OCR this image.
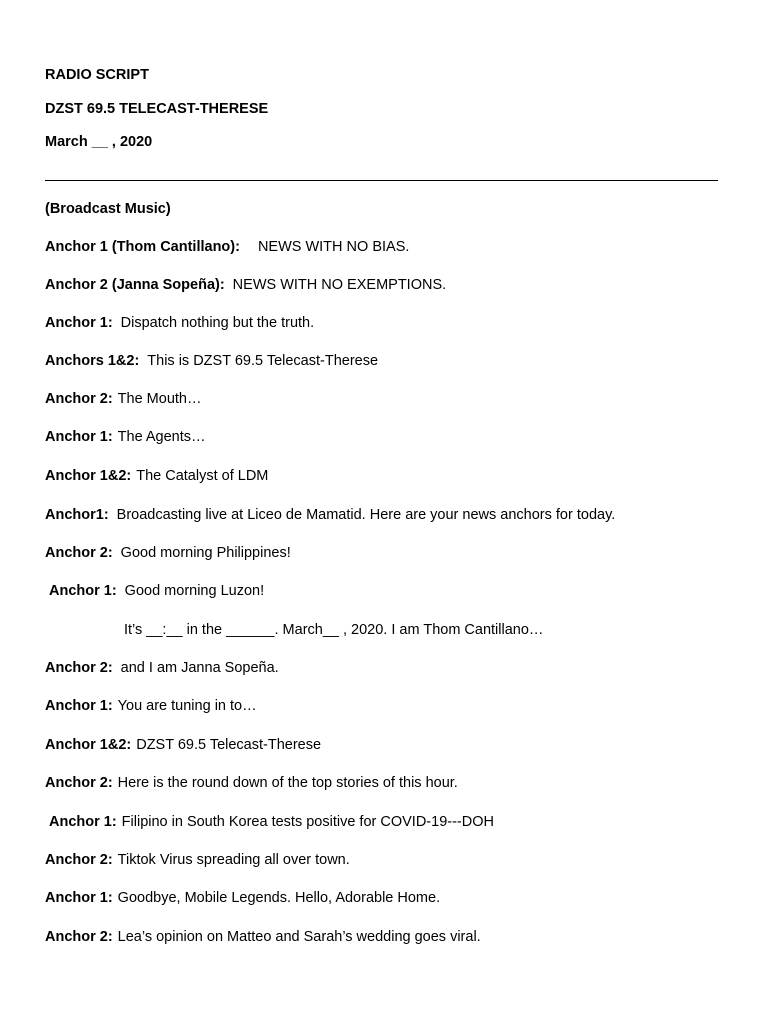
RADIO SCRIPT
DZST 69.5 TELECAST-THERESE
March __ , 2020
(Broadcast Music)
Anchor 1 (Thom Cantillano): NEWS WITH NO BIAS.
Anchor 2 (Janna Sopeña): NEWS WITH NO EXEMPTIONS.
Anchor 1: Dispatch nothing but the truth.
Anchors 1&2: This is DZST 69.5 Telecast-Therese
Anchor 2: The Mouth…
Anchor 1: The Agents…
Anchor 1&2: The Catalyst of LDM
Anchor1: Broadcasting live at Liceo de Mamatid. Here are your news anchors for today.
Anchor 2: Good morning Philippines!
Anchor 1: Good morning Luzon!
It’s __:__ in the ______. March__ , 2020. I am Thom Cantillano…
Anchor 2: and I am Janna Sopeña.
Anchor 1: You are tuning in to…
Anchor 1&2: DZST 69.5 Telecast-Therese
Anchor 2: Here is the round down of the top stories of this hour.
Anchor 1: Filipino in South Korea tests positive for COVID-19---DOH
Anchor 2: Tiktok Virus spreading all over town.
Anchor 1: Goodbye, Mobile Legends. Hello, Adorable Home.
Anchor 2: Lea’s opinion on Matteo and Sarah’s wedding goes viral.
